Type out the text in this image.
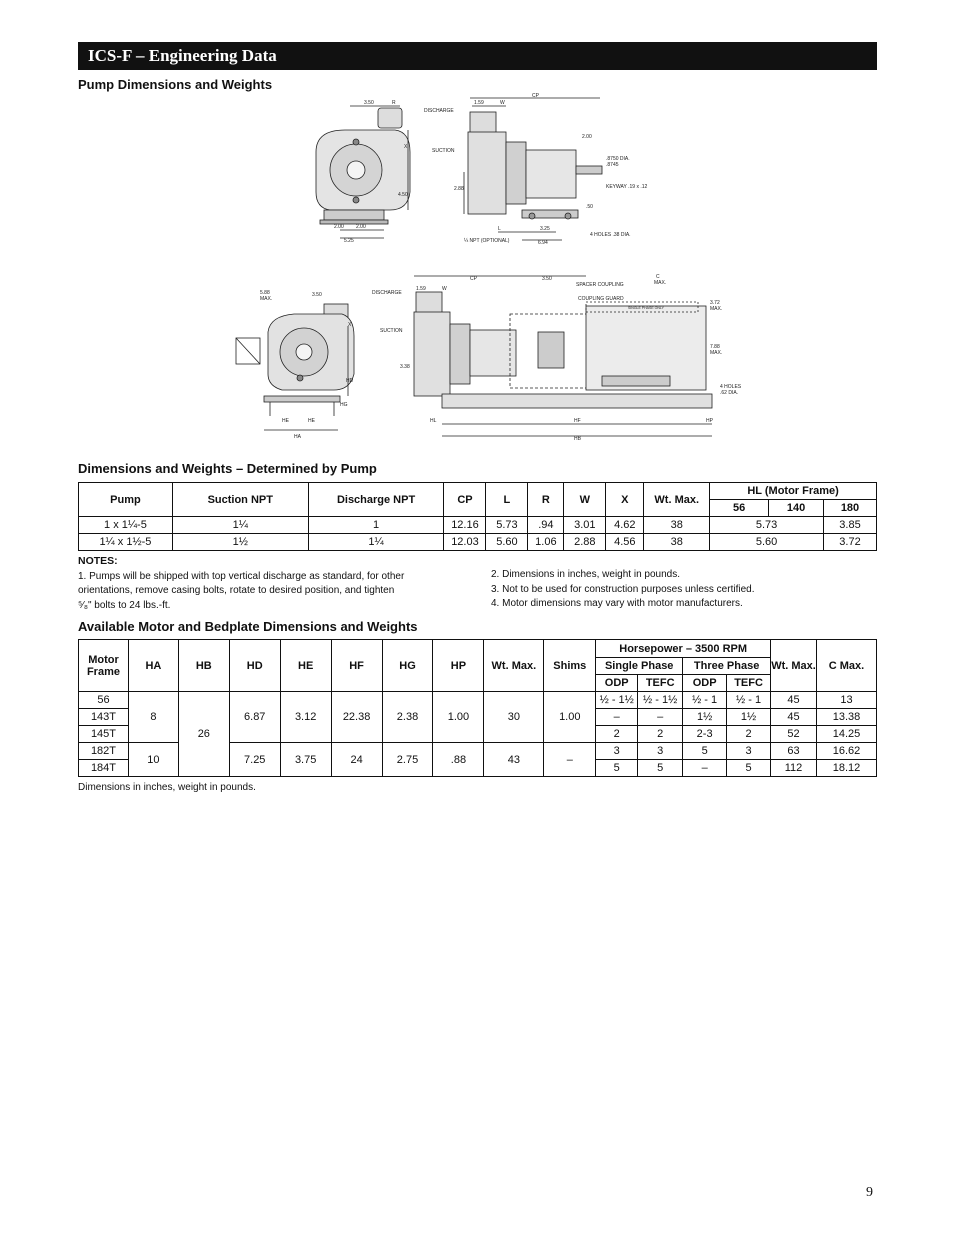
ICS-F – Engineering Data
Pump Dimensions and Weights
3.50	R
DISCHARGE
1.59	W
CP
X
SUCTION
2.00
.8750 DIA.
.8745
2.88
4.50
KEYWAY .19 x .12
.50
2.00 2.00
5.25
L	3.25
4 HOLES .38 DIA.
¼ NPT (OPTIONAL)	6.94
5.88
MAX.
3.50
X
DISCHARGE
1.59	W
CP	3.50
SPACER COUPLING
COUPLING GUARD
C
MAX.
SINGLE PHASE ONLY
3.72
MAX.
SUCTION
7.88
MAX.
3.38
HD
HG
4 HOLES
.62 DIA.
HE	HE
HA
HL	HF	HP
HB
Dimensions and Weights – Determined by Pump
Pump	Suction NPT	Discharge NPT	CP	L	R	W	X	Wt. Max.	HL (Motor Frame)		
									56	140	180
1 x 1¼-5	1¼	1	12.16	5.73	.94	3.01	4.62	38	5.73		3.85
1¼ x 1½-5	1½	1¼	12.03	5.60	1.06	2.88	4.56	38	5.60		3.72
NOTES:
1. Pumps will be shipped with top vertical discharge as standard, for other
orientations, remove casing bolts, rotate to desired position, and tighten
⁵⁄₈" bolts to 24 lbs.-ft.
2. Dimensions in inches, weight in pounds.
3. Not to be used for construction purposes unless certified.
4. Motor dimensions may vary with motor manufacturers.
Available Motor and Bedplate Dimensions and Weights
Motor Frame	HA	HB	HD	HE	HF	HG	HP	Wt. Max.	Shims	Horsepower – 3500 RPM				Wt. Max.	C Max.
										Single Phase		Three Phase			
										ODP	TEFC	ODP	TEFC		
56	8	26	6.87	3.12	22.38	2.38	1.00	30	1.00	½ - 1½	½ - 1½	½ - 1	½ - 1	45	13
143T										–	–	1½	1½	45	13.38
145T										2	2	2-3	2	52	14.25
182T	10		7.25	3.75	24	2.75	.88	43	–	3	3	5	3	63	16.62
184T										5	5	–	5	112	18.12
Dimensions in inches, weight in pounds.
9
